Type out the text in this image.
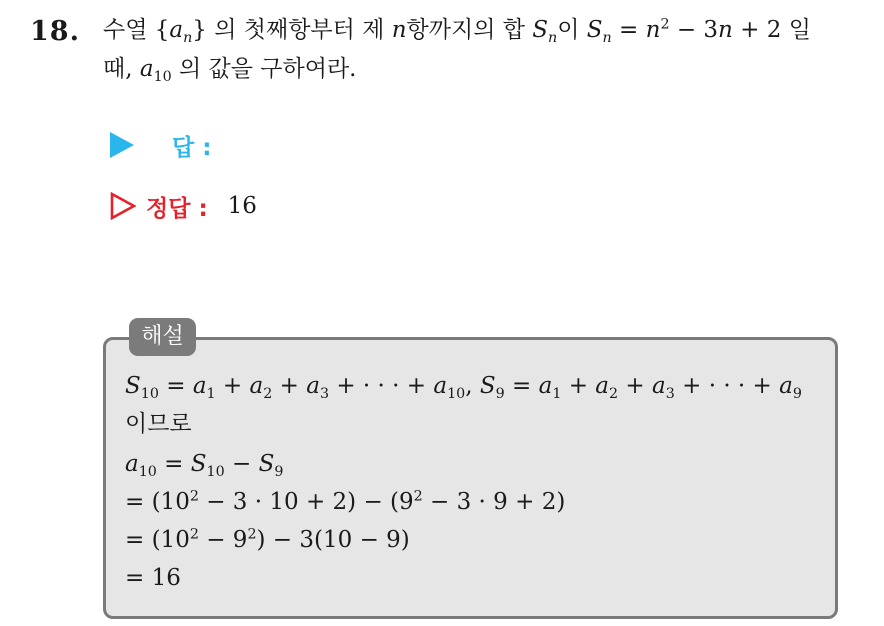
18. 수열 $\{a_n\}$ 의 첫째항부터 제 n항까지의 합 $S_n$이 $S_n = n^2 - 3n + 2$ 일
때, $a_{10}$ 의 값을 구하여라.
답 :
정답 : 16
해설
$S_{10} = a_1 + a_2 + a_3$ + · · · + $a_{10}$, $S_9 = a_1 + a_2 + a_3$ + · · · + $a_9$
이므로
$a_{10} = S_{10} - S_9$
= $(10^2 - 3 \cdot 10 + 2) - (9^2 - 3 \cdot 9 + 2)$
= $(10^2 - 9^2) - 3(10 - 9)$
= 16
